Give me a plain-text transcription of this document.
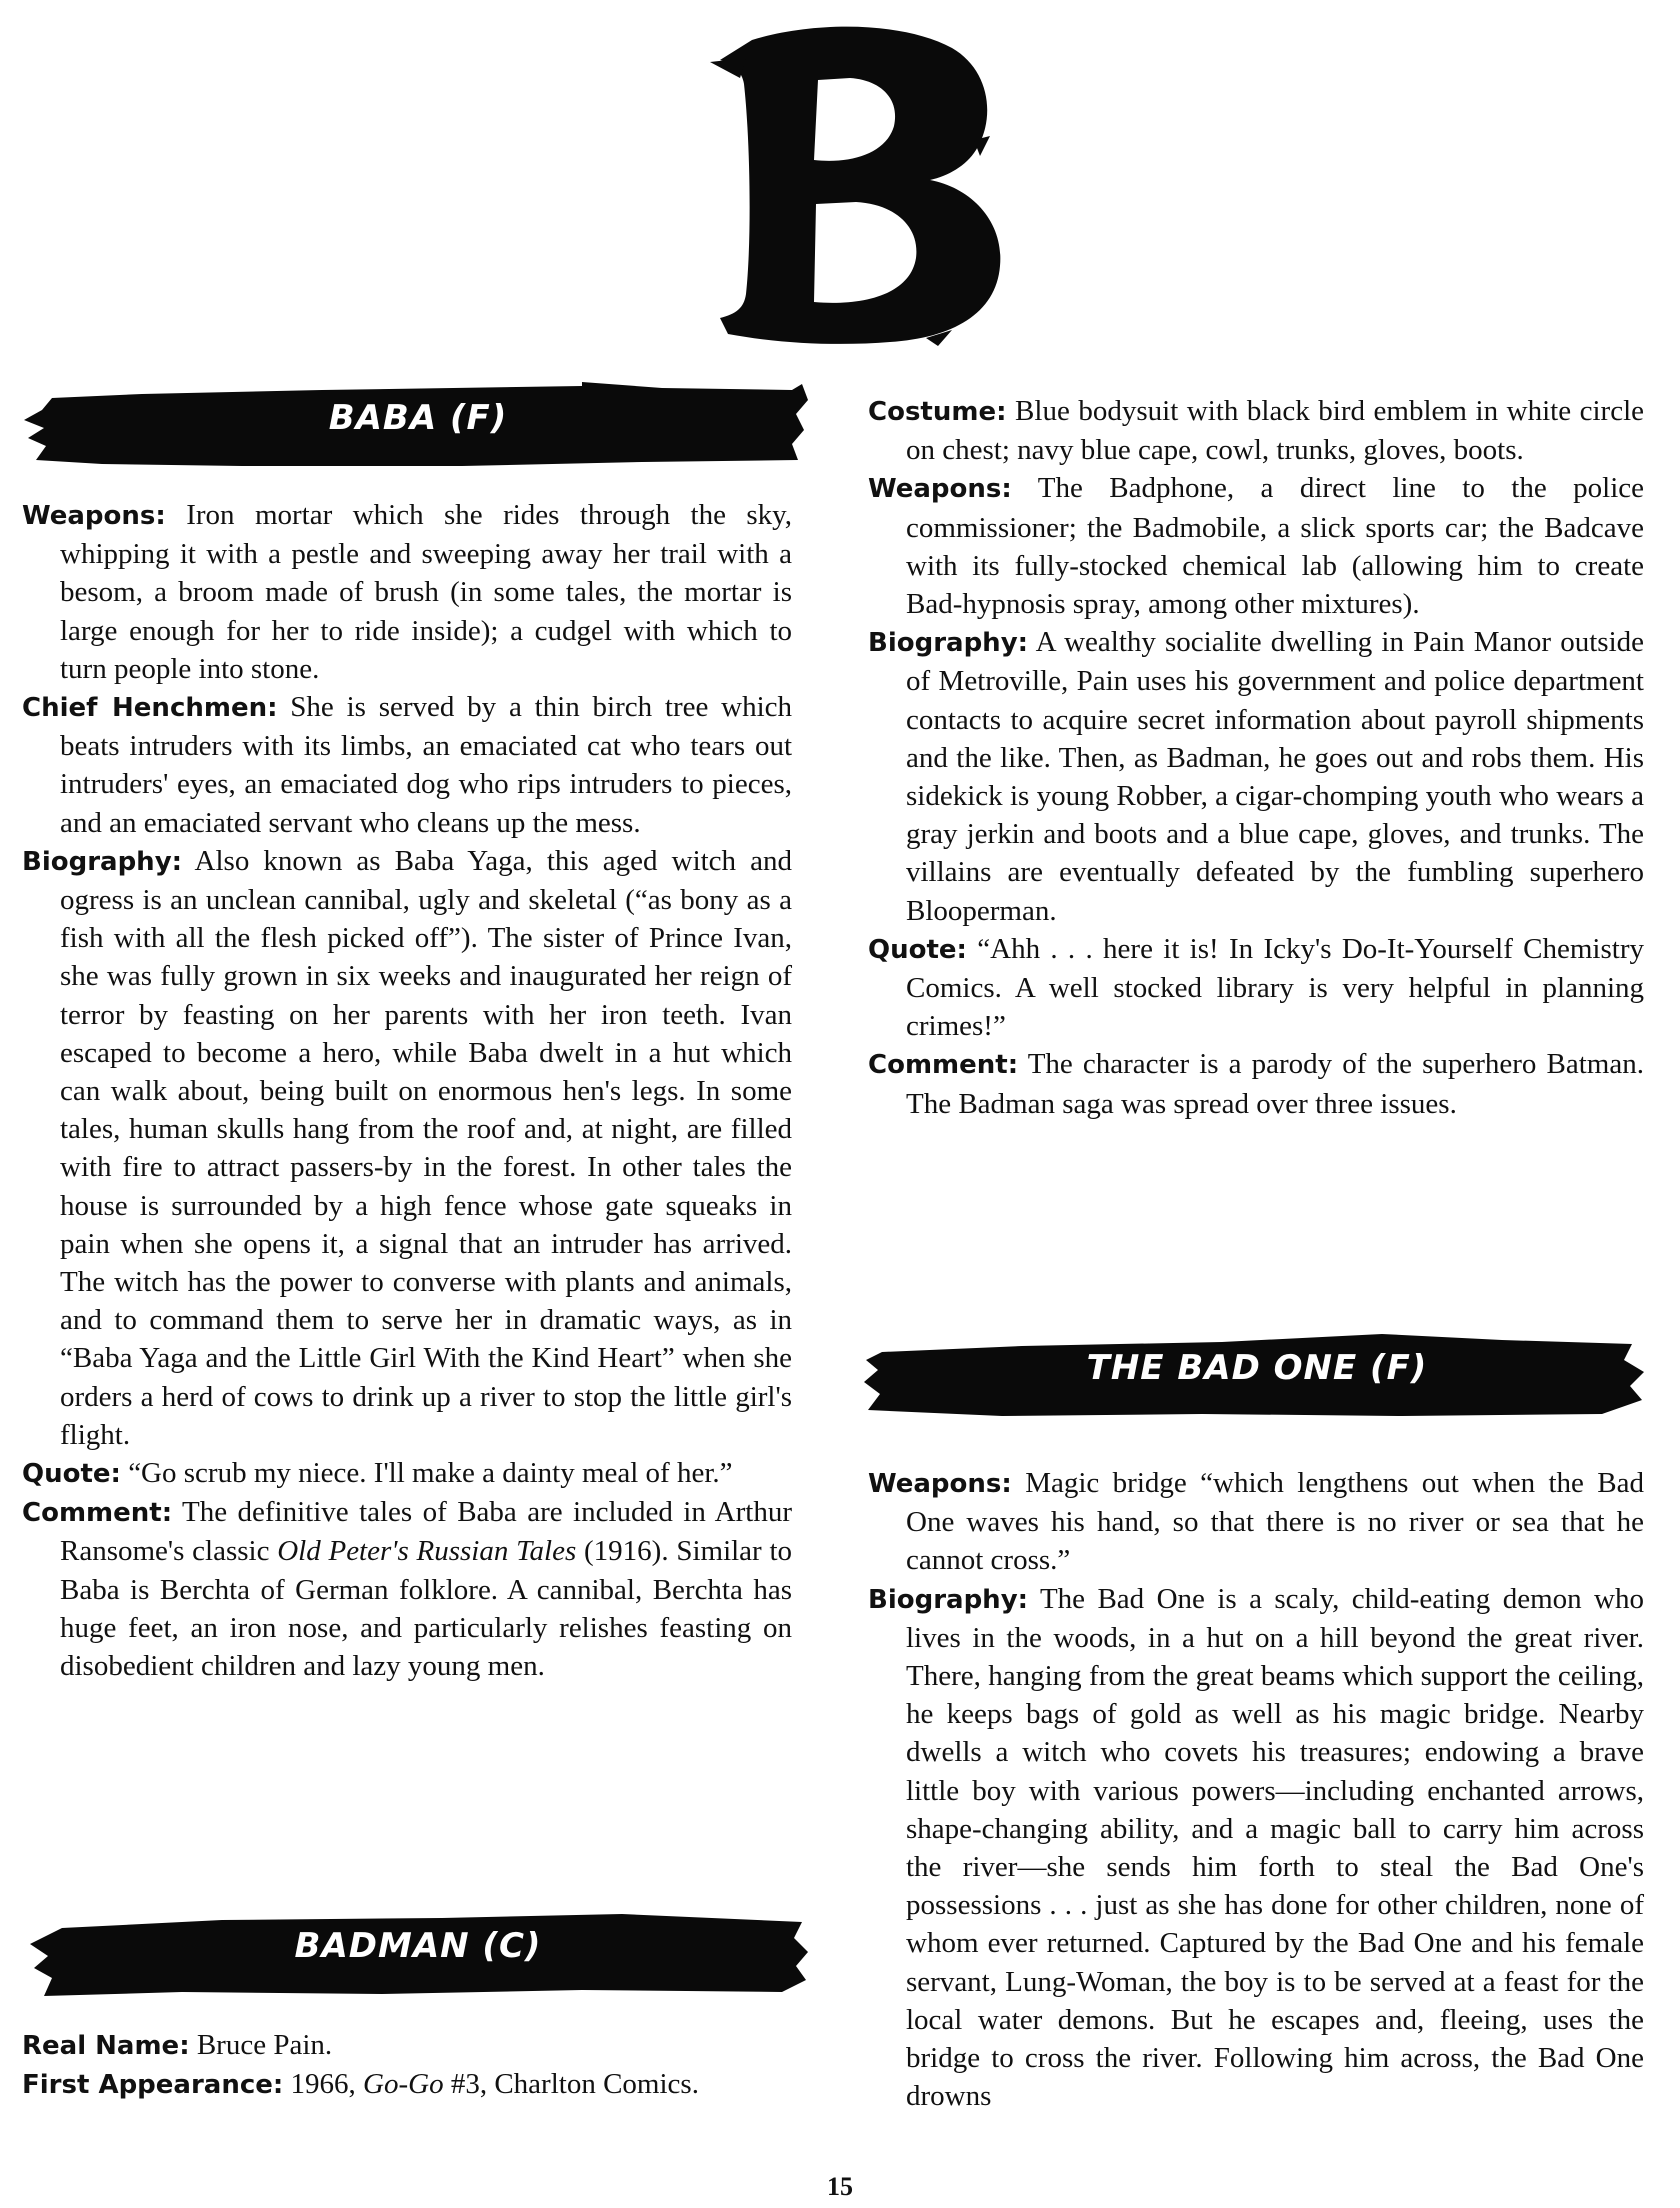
BABA (F)

Weapons: Iron mortar which she rides through the sky, whipping it with a pestle and sweeping away her trail with a besom, a broom made of brush (in some tales, the mortar is large enough for her to ride inside); a cudgel with which to turn people into stone.

Chief Henchmen: She is served by a thin birch tree which beats intruders with its limbs, an emaciated cat who tears out intruders' eyes, an emaciated dog who rips intruders to pieces, and an emaciated servant who cleans up the mess.

Biography: Also known as Baba Yaga, this aged witch and ogress is an unclean cannibal, ugly and skeletal (“as bony as a fish with all the flesh picked off”). The sister of Prince Ivan, she was fully grown in six weeks and inaugurated her reign of terror by feasting on her parents with her iron teeth. Ivan escaped to become a hero, while Baba dwelt in a hut which can walk about, being built on enormous hen's legs. In some tales, human skulls hang from the roof and, at night, are filled with fire to attract passers-by in the forest. In other tales the house is surrounded by a high fence whose gate squeaks in pain when she opens it, a signal that an intruder has arrived. The witch has the power to converse with plants and animals, and to command them to serve her in dramatic ways, as in “Baba Yaga and the Little Girl With the Kind Heart” when she orders a herd of cows to drink up a river to stop the little girl's flight.

Quote: “Go scrub my niece. I'll make a dainty meal of her.”

Comment: The definitive tales of Baba are included in Arthur Ransome's classic Old Peter's Russian Tales (1916). Similar to Baba is Berchta of German folklore. A cannibal, Berchta has huge feet, an iron nose, and particularly relishes feasting on disobedient children and lazy young men.

BADMAN (C)

Real Name: Bruce Pain.

First Appearance: 1966, Go-Go #3, Charlton Comics.

Costume: Blue bodysuit with black bird emblem in white circle on chest; navy blue cape, cowl, trunks, gloves, boots.

Weapons: The Badphone, a direct line to the police commissioner; the Badmobile, a slick sports car; the Badcave with its fully-stocked chemical lab (allowing him to create Bad-hypnosis spray, among other mixtures).

Biography: A wealthy socialite dwelling in Pain Manor outside of Metroville, Pain uses his government and police department contacts to acquire secret information about payroll shipments and the like. Then, as Badman, he goes out and robs them. His sidekick is young Robber, a cigar-chomping youth who wears a gray jerkin and boots and a blue cape, gloves, and trunks. The villains are eventually defeated by the fumbling superhero Blooperman.

Quote: “Ahh . . . here it is! In Icky's Do-It-Yourself Chemistry Comics. A well stocked library is very helpful in planning crimes!”

Comment: The character is a parody of the superhero Batman. The Badman saga was spread over three issues.

THE BAD ONE (F)

Weapons: Magic bridge “which lengthens out when the Bad One waves his hand, so that there is no river or sea that he cannot cross.”

Biography: The Bad One is a scaly, child-eating demon who lives in the woods, in a hut on a hill beyond the great river. There, hanging from the great beams which support the ceiling, he keeps bags of gold as well as his magic bridge. Nearby dwells a witch who covets his treasures; endowing a brave little boy with various powers—including enchanted arrows, shape-changing ability, and a magic ball to carry him across the river—she sends him forth to steal the Bad One's possessions . . . just as she has done for other children, none of whom ever returned. Captured by the Bad One and his female servant, Lung-Woman, the boy is to be served at a feast for the local water demons. But he escapes and, fleeing, uses the bridge to cross the river. Following him across, the Bad One drowns

15
